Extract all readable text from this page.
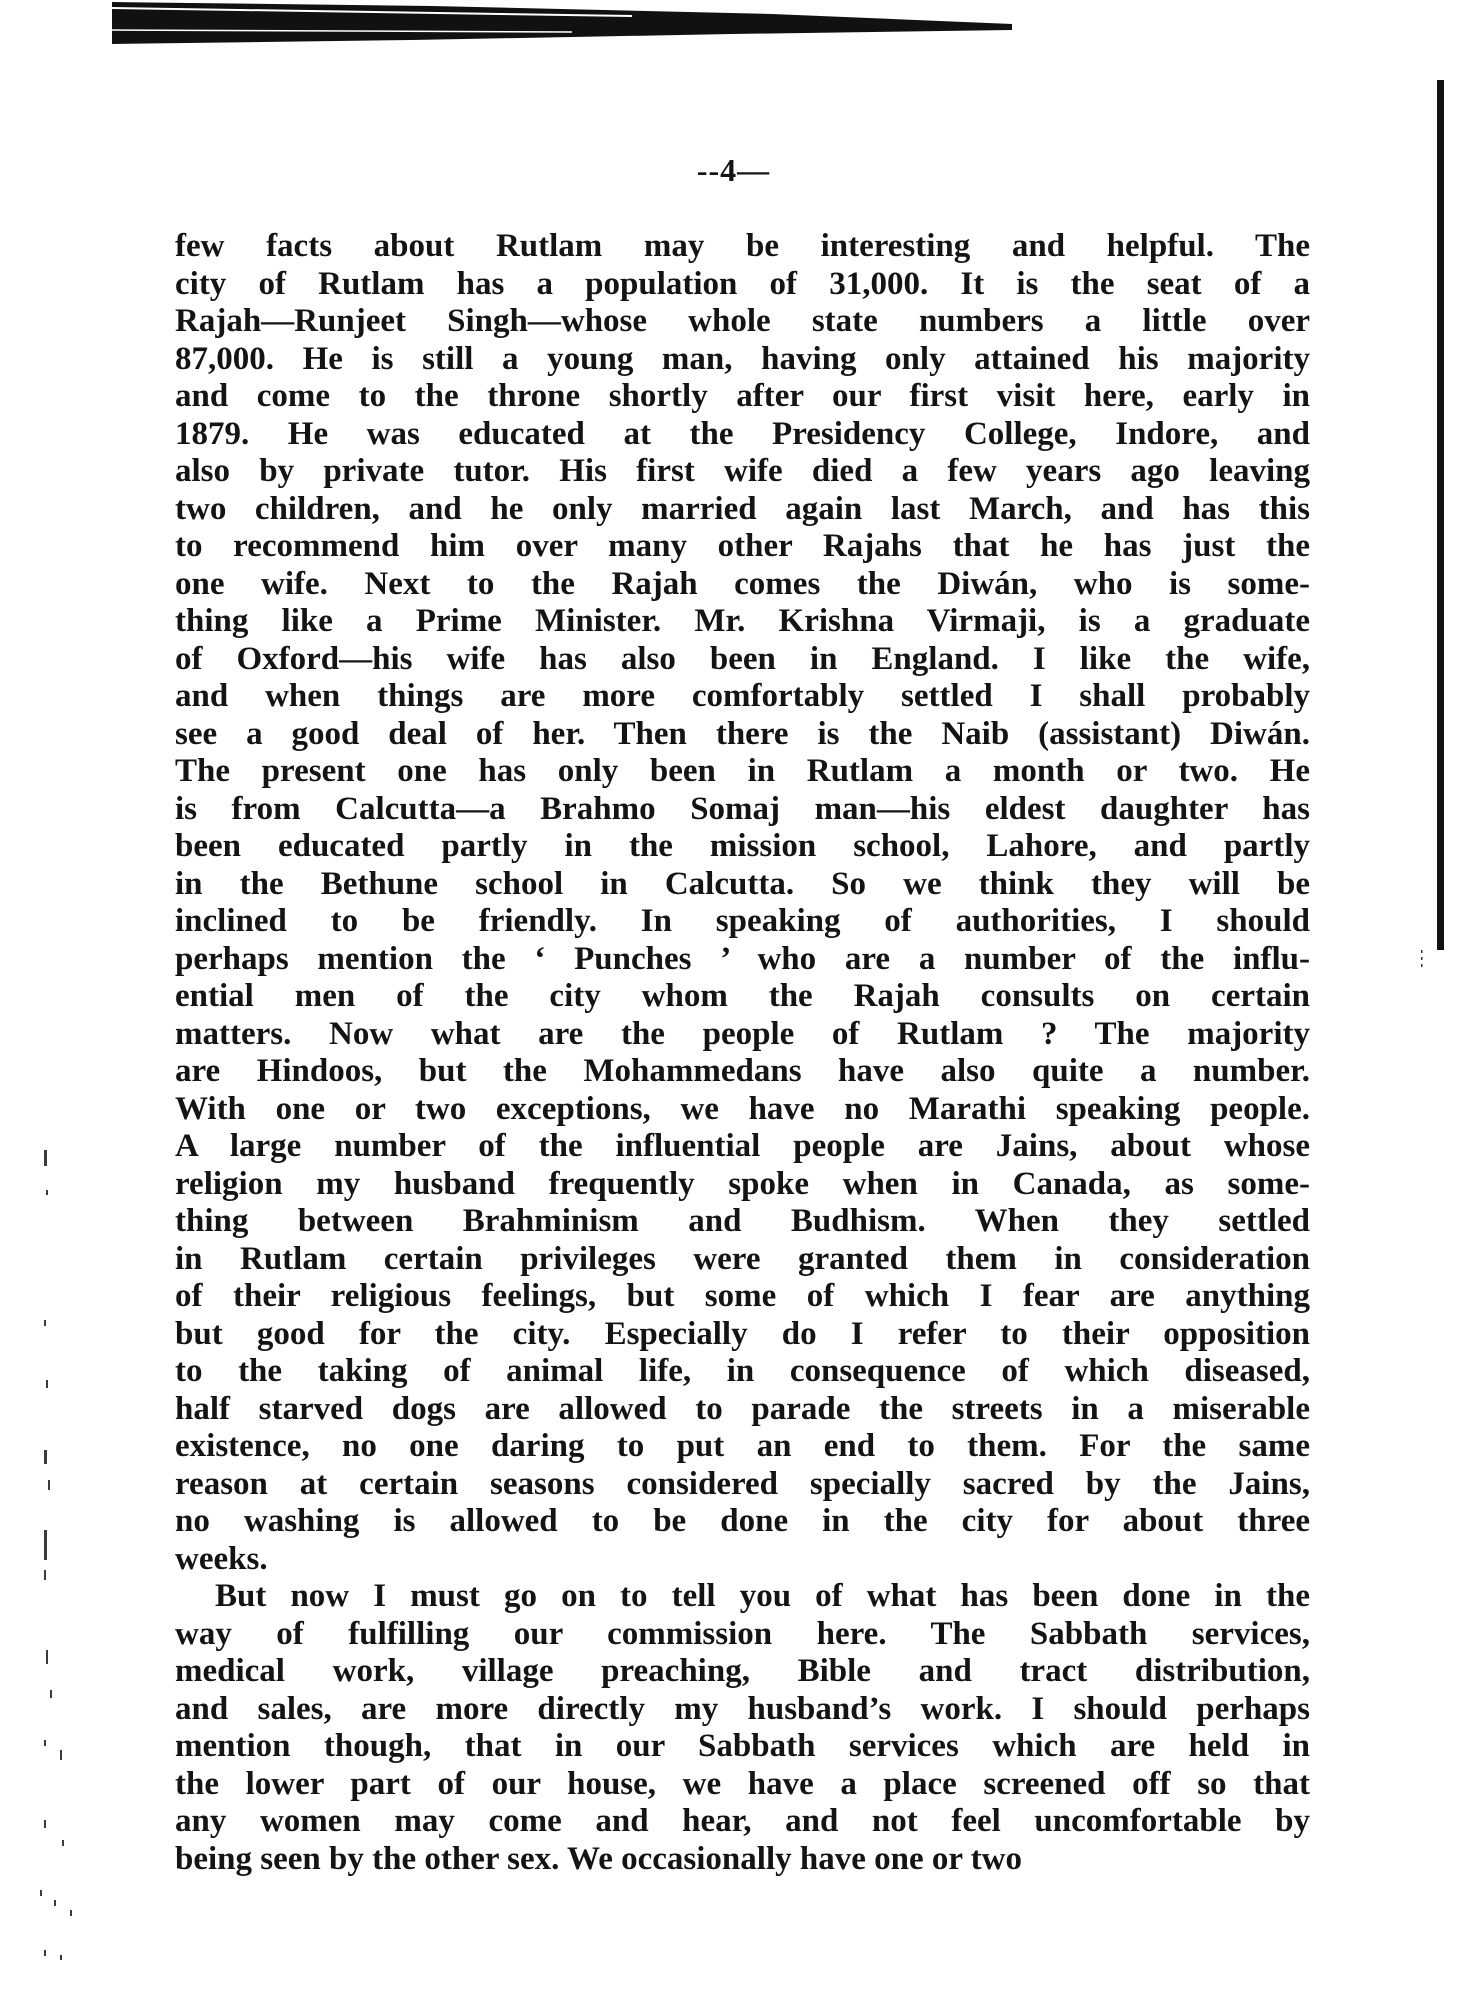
--4—
few facts about Rutlam may be interesting and helpful. The
city of Rutlam has a population of 31,000. It is the seat of a
Rajah—Runjeet Singh—whose whole state numbers a little over
87,000. He is still a young man, having only attained his majority
and come to the throne shortly after our first visit here, early in
1879. He was educated at the Presidency College, Indore, and
also by private tutor. His first wife died a few years ago leaving
two children, and he only married again last March, and has this
to recommend him over many other Rajahs that he has just the
one wife. Next to the Rajah comes the Diwán, who is some-
thing like a Prime Minister. Mr. Krishna Virmaji, is a graduate
of Oxford—his wife has also been in England. I like the wife,
and when things are more comfortably settled I shall probably
see a good deal of her. Then there is the Naib (assistant) Diwán.
The present one has only been in Rutlam a month or two. He
is from Calcutta—a Brahmo Somaj man—his eldest daughter has
been educated partly in the mission school, Lahore, and partly
in the Bethune school in Calcutta. So we think they will be
inclined to be friendly. In speaking of authorities, I should
perhaps mention the ‘ Punches ’ who are a number of the influ-
ential men of the city whom the Rajah consults on certain
matters. Now what are the people of Rutlam ? The majority
are Hindoos, but the Mohammedans have also quite a number.
With one or two exceptions, we have no Marathi speaking people.
A large number of the influential people are Jains, about whose
religion my husband frequently spoke when in Canada, as some-
thing between Brahminism and Budhism. When they settled
in Rutlam certain privileges were granted them in consideration
of their religious feelings, but some of which I fear are anything
but good for the city. Especially do I refer to their opposition
to the taking of animal life, in consequence of which diseased,
half starved dogs are allowed to parade the streets in a miserable
existence, no one daring to put an end to them. For the same
reason at certain seasons considered specially sacred by the Jains,
no washing is allowed to be done in the city for about three
weeks.
But now I must go on to tell you of what has been done in the
way of fulfilling our commission here. The Sabbath services,
medical work, village preaching, Bible and tract distribution,
and sales, are more directly my husband’s work. I should perhaps
mention though, that in our Sabbath services which are held in
the lower part of our house, we have a place screened off so that
any women may come and hear, and not feel uncomfortable by
being seen by the other sex. We occasionally have one or two
